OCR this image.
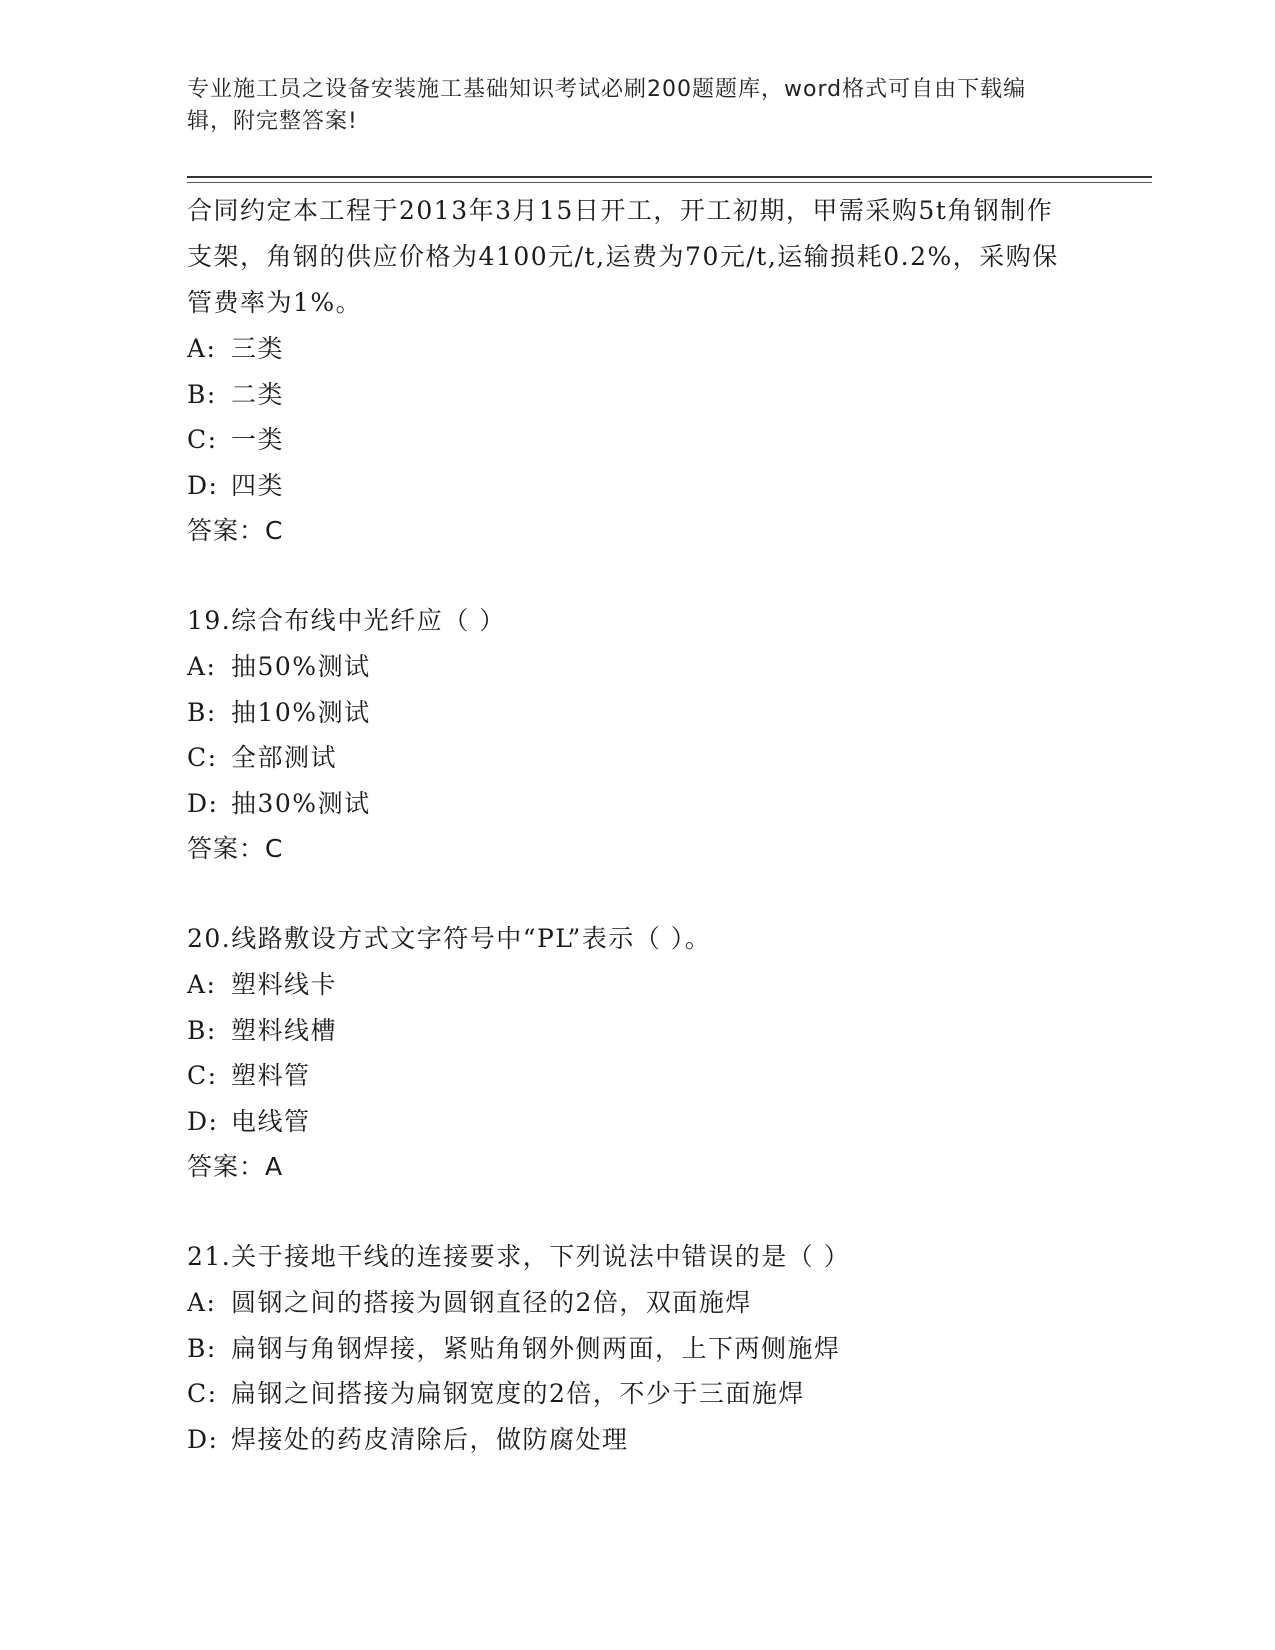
专业施工员之设备安装施工基础知识考试必刷200题题库，word格式可自由下载编辑，附完整答案!

合同约定本工程于2013年3月15日开工，开工初期，甲需采购5t角钢制作支架，角钢的供应价格为4100元/t,运费为70元/t,运输损耗0.2%，采购保管费率为1%。

A: 三类

B: 二类

C: 一类

D: 四类

答案：C

19.综合布线中光纤应（ ）

A: 抽50%测试

B: 抽10%测试

C: 全部测试

D: 抽30%测试

答案：C

20.线路敷设方式文字符号中“PL”表示（ ）。

A: 塑料线卡

B: 塑料线槽

C: 塑料管

D: 电线管

答案：A

21.关于接地干线的连接要求，下列说法中错误的是（ ）

A: 圆钢之间的搭接为圆钢直径的2倍，双面施焊

B: 扁钢与角钢焊接，紧贴角钢外侧两面，上下两侧施焊

C: 扁钢之间搭接为扁钢宽度的2倍，不少于三面施焊

D: 焊接处的药皮清除后，做防腐处理
